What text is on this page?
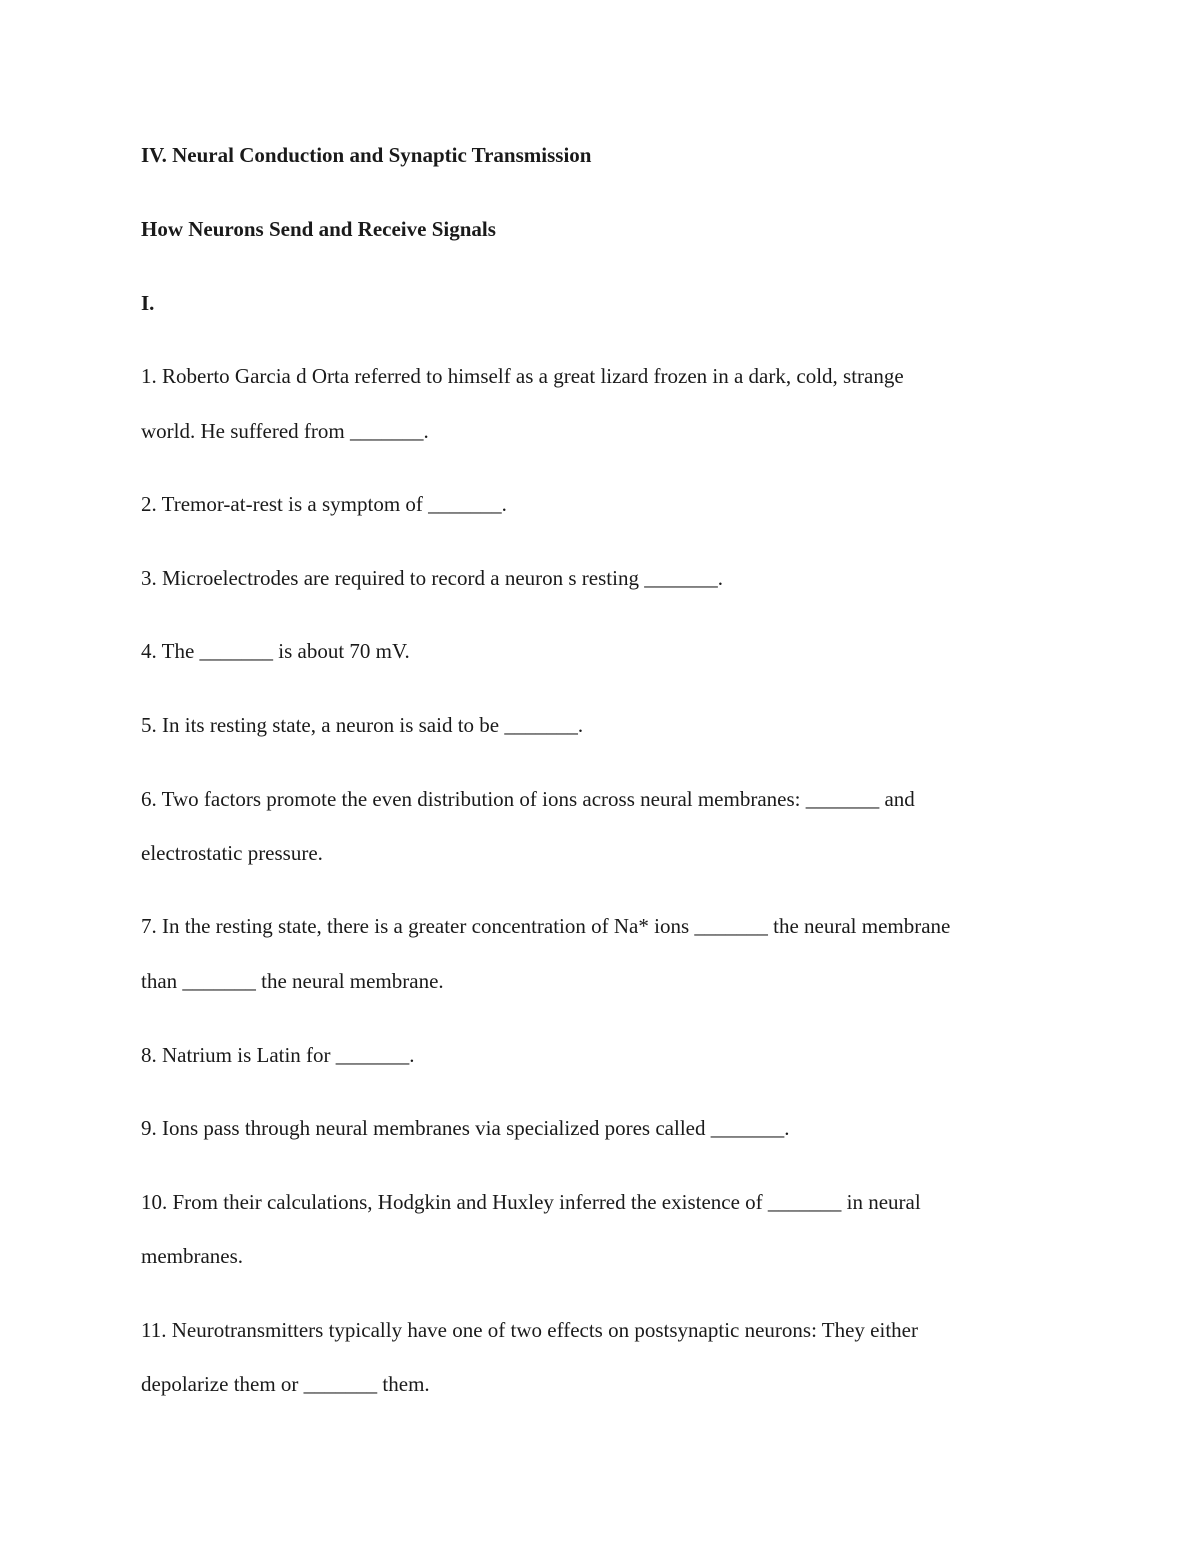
IV. Neural Conduction and Synaptic Transmission
How Neurons Send and Receive Signals
I.
1. Roberto Garcia d Orta referred to himself as a great lizard frozen in a dark, cold, strange
world. He suffered from _______.
2. Tremor-at-rest is a symptom of _______.
3. Microelectrodes are required to record a neuron s resting _______.
4. The _______ is about 70 mV.
5. In its resting state, a neuron is said to be _______.
6. Two factors promote the even distribution of ions across neural membranes: _______ and
electrostatic pressure.
7. In the resting state, there is a greater concentration of Na* ions _______ the neural membrane
than _______ the neural membrane.
8. Natrium is Latin for _______.
9. Ions pass through neural membranes via specialized pores called _______.
10. From their calculations, Hodgkin and Huxley inferred the existence of _______ in neural
membranes.
11. Neurotransmitters typically have one of two effects on postsynaptic neurons: They either
depolarize them or _______ them.
